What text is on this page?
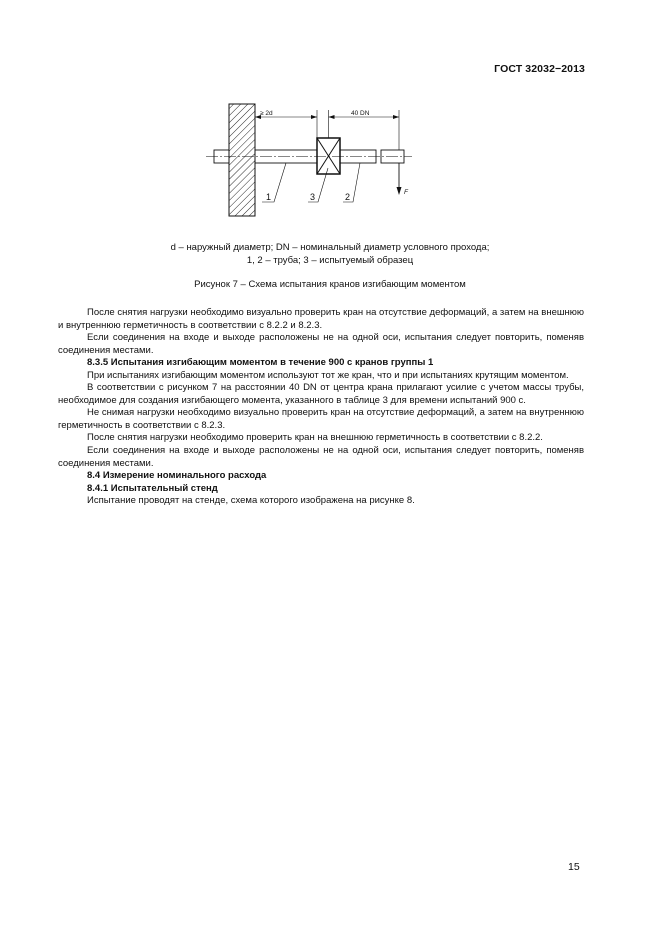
ГОСТ 32032−2013
≥ 2d	40 DN
F
1	3	2
d – наружный диаметр; DN – номинальный диаметр условного прохода;
1, 2 – труба; 3 – испытуемый образец
Рисунок 7 – Схема испытания кранов изгибающим моментом

После снятия нагрузки необходимо визуально проверить кран на отсутствие деформаций, а затем на внешнюю и внутреннюю герметичность в соответствии с 8.2.2 и 8.2.3.

Если соединения на входе и выходе расположены не на одной оси, испытания следует повторить, поменяв соединения местами.

8.3.5 Испытания изгибающим моментом в течение 900 с кранов группы 1

При испытаниях изгибающим моментом используют тот же кран, что и при испытаниях крутящим моментом.

В соответствии с рисунком 7 на расстоянии 40 DN от центра крана прилагают усилие с учетом массы трубы, необходимое для создания изгибающего момента, указанного в таблице 3 для времени испытаний 900 с.

Не снимая нагрузки необходимо визуально проверить кран на отсутствие деформаций, а затем на внутреннюю герметичность в соответствии с 8.2.3.

После снятия нагрузки необходимо проверить кран на внешнюю герметичность в соответствии с 8.2.2.

Если соединения на входе и выходе расположены не на одной оси, испытания следует повторить, поменяв соединения местами.

8.4 Измерение номинального расхода

8.4.1 Испытательный стенд

Испытание проводят на стенде, схема которого изображена на рисунке 8.

15
